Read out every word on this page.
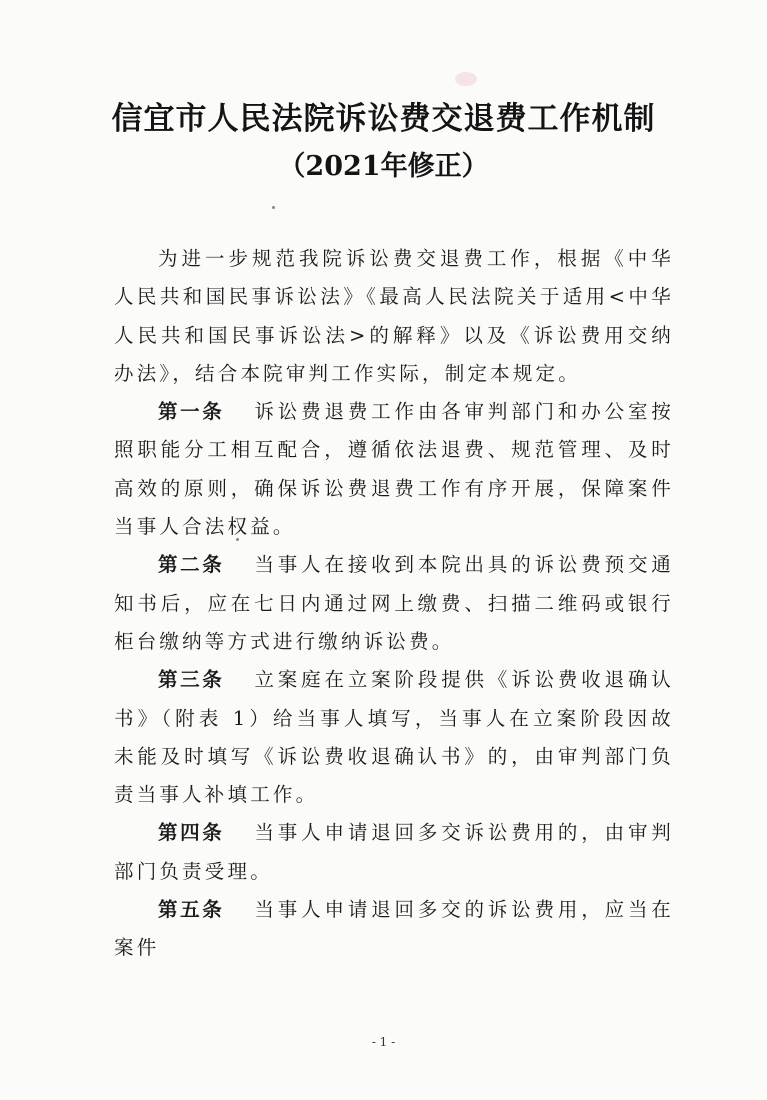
信宜市人民法院诉讼费交退费工作机制
（2021年修正）

为进一步规范我院诉讼费交退费工作，根据《中华人民共和国民事诉讼法》《最高人民法院关于适用<中华人民共和国民事诉讼法>的解释》以及《诉讼费用交纳办法》，结合本院审判工作实际，制定本规定。

第一条 诉讼费退费工作由各审判部门和办公室按照职能分工相互配合，遵循依法退费、规范管理、及时高效的原则，确保诉讼费退费工作有序开展，保障案件当事人合法权益。

第二条 当事人在接收到本院出具的诉讼费预交通知书后，应在七日内通过网上缴费、扫描二维码或银行柜台缴纳等方式进行缴纳诉讼费。

第三条 立案庭在立案阶段提供《诉讼费收退确认书》（附表 1）给当事人填写，当事人在立案阶段因故未能及时填写《诉讼费收退确认书》的，由审判部门负责当事人补填工作。

第四条 当事人申请退回多交诉讼费用的，由审判部门负责受理。

第五条 当事人申请退回多交的诉讼费用，应当在案件

- 1 -
